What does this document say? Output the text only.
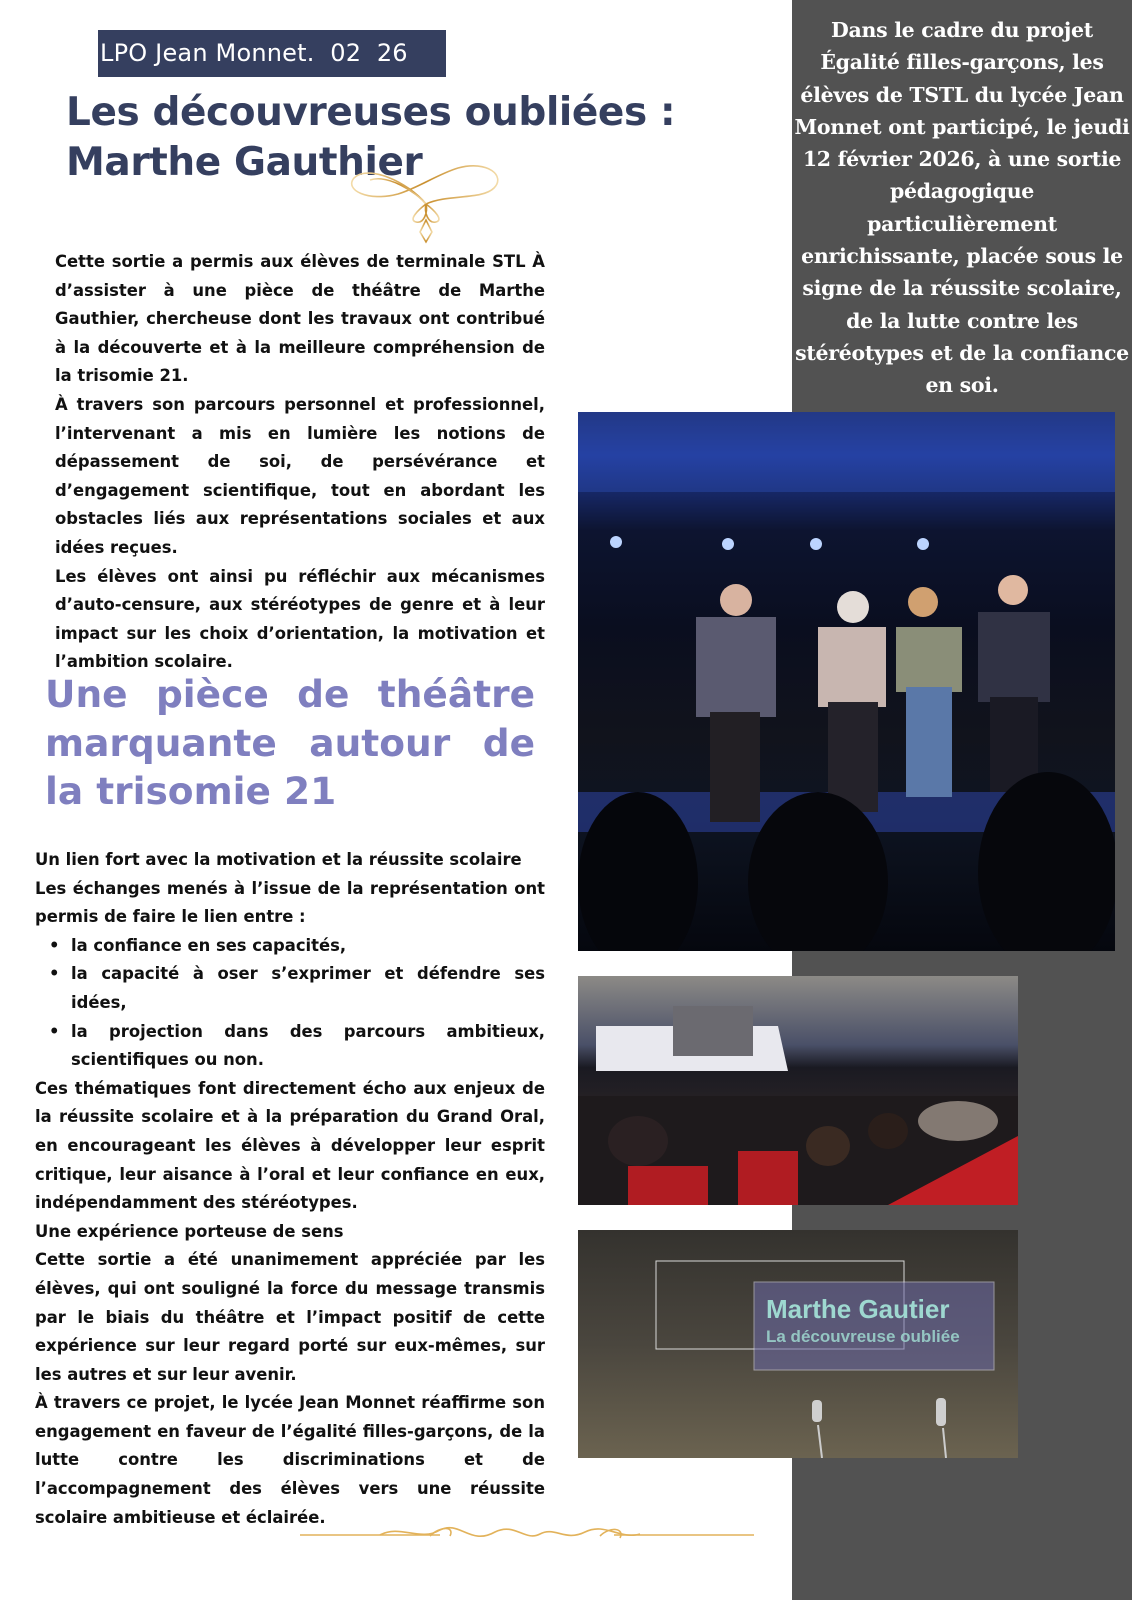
LPO Jean Monnet.  02  26
Les découvreuses oubliées : Marthe Gauthier
Dans le cadre du projet Égalité filles-garçons, les élèves de TSTL du lycée Jean Monnet ont participé, le jeudi 12 février 2026, à une sortie pédagogique particulièrement enrichissante, placée sous le signe de la réussite scolaire, de la lutte contre les stéréotypes et de la confiance en soi.

Cette sortie a permis aux élèves de terminale STL À d’assister à une pièce de théâtre de Marthe Gauthier, chercheuse dont les travaux ont contribué à la découverte et à la meilleure compréhension de la trisomie 21.

À travers son parcours personnel et professionnel, l’intervenant a mis en lumière les notions de dépassement de soi, de persévérance et d’engagement scientifique, tout en abordant les obstacles liés aux représentations sociales et aux idées reçues.

Les élèves ont ainsi pu réfléchir aux mécanismes d’auto-censure, aux stéréotypes de genre et à leur impact sur les choix d’orientation, la motivation et l’ambition scolaire.

Une pièce de théâtre marquante autour de la trisomie 21

Un lien fort avec la motivation et la réussite scolaire

Les échanges menés à l’issue de la représentation ont permis de faire le lien entre :

• la confiance en ses capacités,
• la capacité à oser s’exprimer et défendre ses idées,
• la projection dans des parcours ambitieux, scientifiques ou non.

Ces thématiques font directement écho aux enjeux de la réussite scolaire et à la préparation du Grand Oral, en encourageant les élèves à développer leur esprit critique, leur aisance à l’oral et leur confiance en eux, indépendamment des stéréotypes.

Une expérience porteuse de sens

Cette sortie a été unanimement appréciée par les élèves, qui ont souligné la force du message transmis par le biais du théâtre et l’impact positif de cette expérience sur leur regard porté sur eux-mêmes, sur les autres et sur leur avenir.

À travers ce projet, le lycée Jean Monnet réaffirme son engagement en faveur de l’égalité filles-garçons, de la lutte contre les discriminations et de l’accompagnement des élèves vers une réussite scolaire ambitieuse et éclairée.

Marthe Gautier
La découvreuse oubliée
